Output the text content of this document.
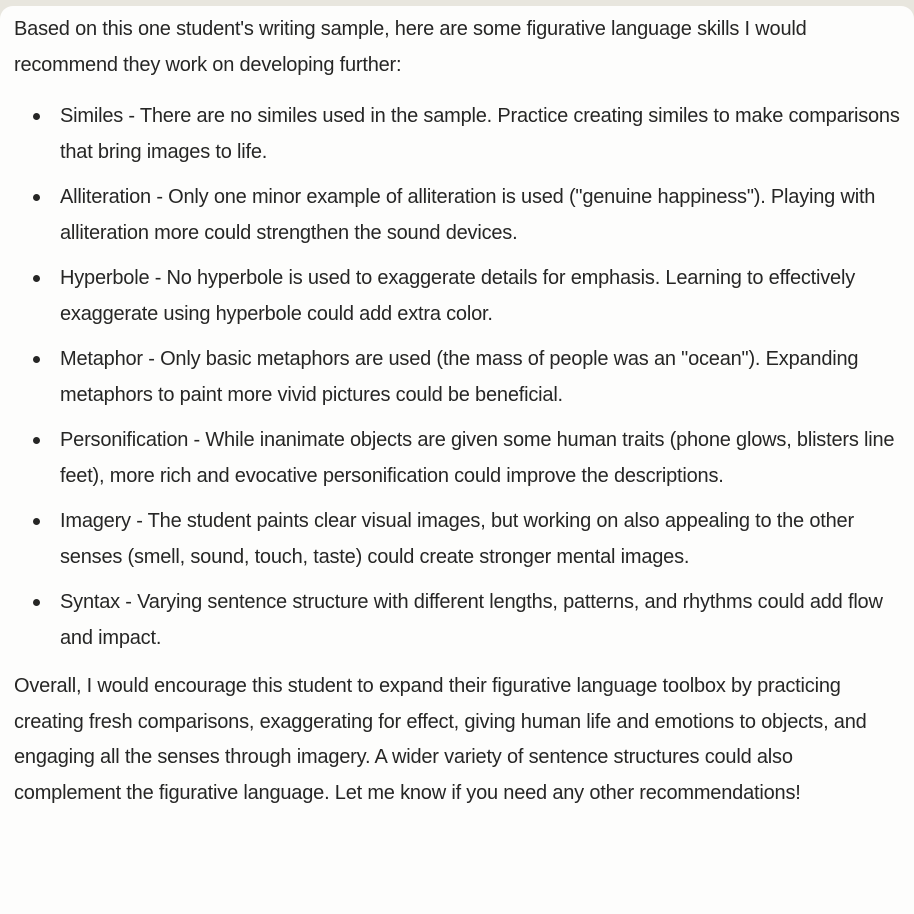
Based on this one student's writing sample, here are some figurative language skills I would recommend they work on developing further:

Similes - There are no similes used in the sample. Practice creating similes to make comparisons that bring images to life.
Alliteration - Only one minor example of alliteration is used ("genuine happiness"). Playing with alliteration more could strengthen the sound devices.
Hyperbole - No hyperbole is used to exaggerate details for emphasis. Learning to effectively exaggerate using hyperbole could add extra color.
Metaphor - Only basic metaphors are used (the mass of people was an "ocean"). Expanding metaphors to paint more vivid pictures could be beneficial.
Personification - While inanimate objects are given some human traits (phone glows, blisters line feet), more rich and evocative personification could improve the descriptions.
Imagery - The student paints clear visual images, but working on also appealing to the other senses (smell, sound, touch, taste) could create stronger mental images.
Syntax - Varying sentence structure with different lengths, patterns, and rhythms could add flow and impact.

Overall, I would encourage this student to expand their figurative language toolbox by practicing creating fresh comparisons, exaggerating for effect, giving human life and emotions to objects, and engaging all the senses through imagery. A wider variety of sentence structures could also complement the figurative language. Let me know if you need any other recommendations!
